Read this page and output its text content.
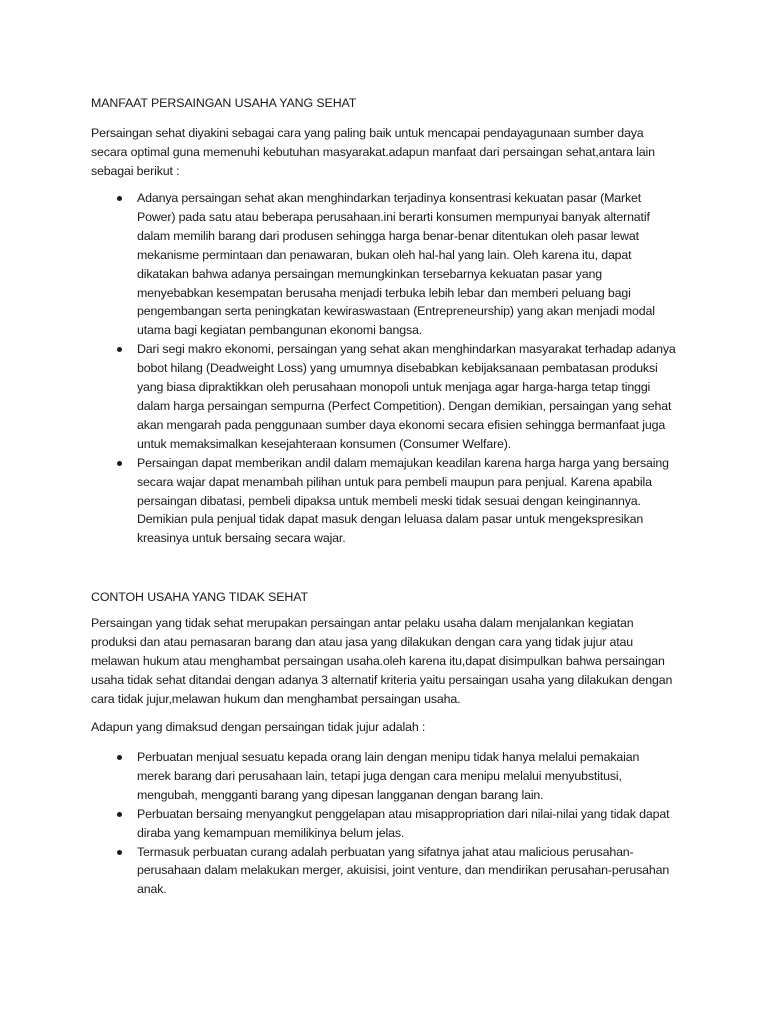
MANFAAT PERSAINGAN USAHA YANG SEHAT

Persaingan sehat diyakini sebagai cara yang paling baik untuk mencapai pendayagunaan sumber daya secara optimal guna memenuhi kebutuhan masyarakat.adapun manfaat dari persaingan sehat,antara lain sebagai berikut :

Adanya persaingan sehat akan menghindarkan terjadinya konsentrasi kekuatan pasar (Market Power) pada satu atau beberapa perusahaan.ini berarti konsumen mempunyai banyak alternatif dalam memilih barang dari produsen sehingga harga benar-benar ditentukan oleh pasar lewat mekanisme permintaan dan penawaran, bukan oleh hal-hal yang lain. Oleh karena itu, dapat dikatakan bahwa adanya persaingan memungkinkan tersebarnya kekuatan pasar yang menyebabkan kesempatan berusaha menjadi terbuka lebih lebar dan memberi peluang bagi pengembangan serta peningkatan kewiraswastaan (Entrepreneurship) yang akan menjadi modal utama bagi kegiatan pembangunan ekonomi bangsa.
Dari segi makro ekonomi, persaingan yang sehat akan menghindarkan masyarakat terhadap adanya bobot hilang (Deadweight Loss) yang umumnya disebabkan kebijaksanaan pembatasan produksi yang biasa dipraktikkan oleh perusahaan monopoli untuk menjaga agar harga-harga tetap tinggi dalam harga persaingan sempurna (Perfect Competition). Dengan demikian, persaingan yang sehat akan mengarah pada penggunaan sumber daya ekonomi secara efisien sehingga bermanfaat juga untuk memaksimalkan kesejahteraan konsumen (Consumer Welfare).
Persaingan dapat memberikan andil dalam memajukan keadilan karena harga harga yang bersaing secara wajar dapat menambah pilihan untuk para pembeli maupun para penjual. Karena apabila persaingan dibatasi, pembeli dipaksa untuk membeli meski tidak sesuai dengan keinginannya. Demikian pula penjual tidak dapat masuk dengan leluasa dalam pasar untuk mengekspresikan kreasinya untuk bersaing secara wajar.
CONTOH USAHA YANG TIDAK SEHAT

Persaingan yang tidak sehat merupakan persaingan antar pelaku usaha dalam menjalankan kegiatan produksi dan atau pemasaran barang dan atau jasa yang dilakukan dengan cara yang tidak jujur atau melawan hukum atau menghambat persaingan usaha.oleh karena itu,dapat disimpulkan bahwa persaingan usaha tidak sehat ditandai dengan adanya 3 alternatif kriteria yaitu persaingan usaha yang dilakukan dengan cara tidak jujur,melawan hukum dan menghambat persaingan usaha.

Adapun yang dimaksud dengan persaingan tidak jujur adalah :

Perbuatan menjual sesuatu kepada orang lain dengan menipu tidak hanya melalui pemakaian merek barang dari perusahaan lain, tetapi juga dengan cara menipu melalui menyubstitusi, mengubah, mengganti barang yang dipesan langganan dengan barang lain.
Perbuatan bersaing menyangkut penggelapan atau misappropriation dari nilai-nilai yang tidak dapat diraba yang kemampuan memilikinya belum jelas.
Termasuk perbuatan curang adalah perbuatan yang sifatnya jahat atau malicious perusahan-perusahaan dalam melakukan merger, akuisisi, joint venture, dan mendirikan perusahan-perusahan anak.
